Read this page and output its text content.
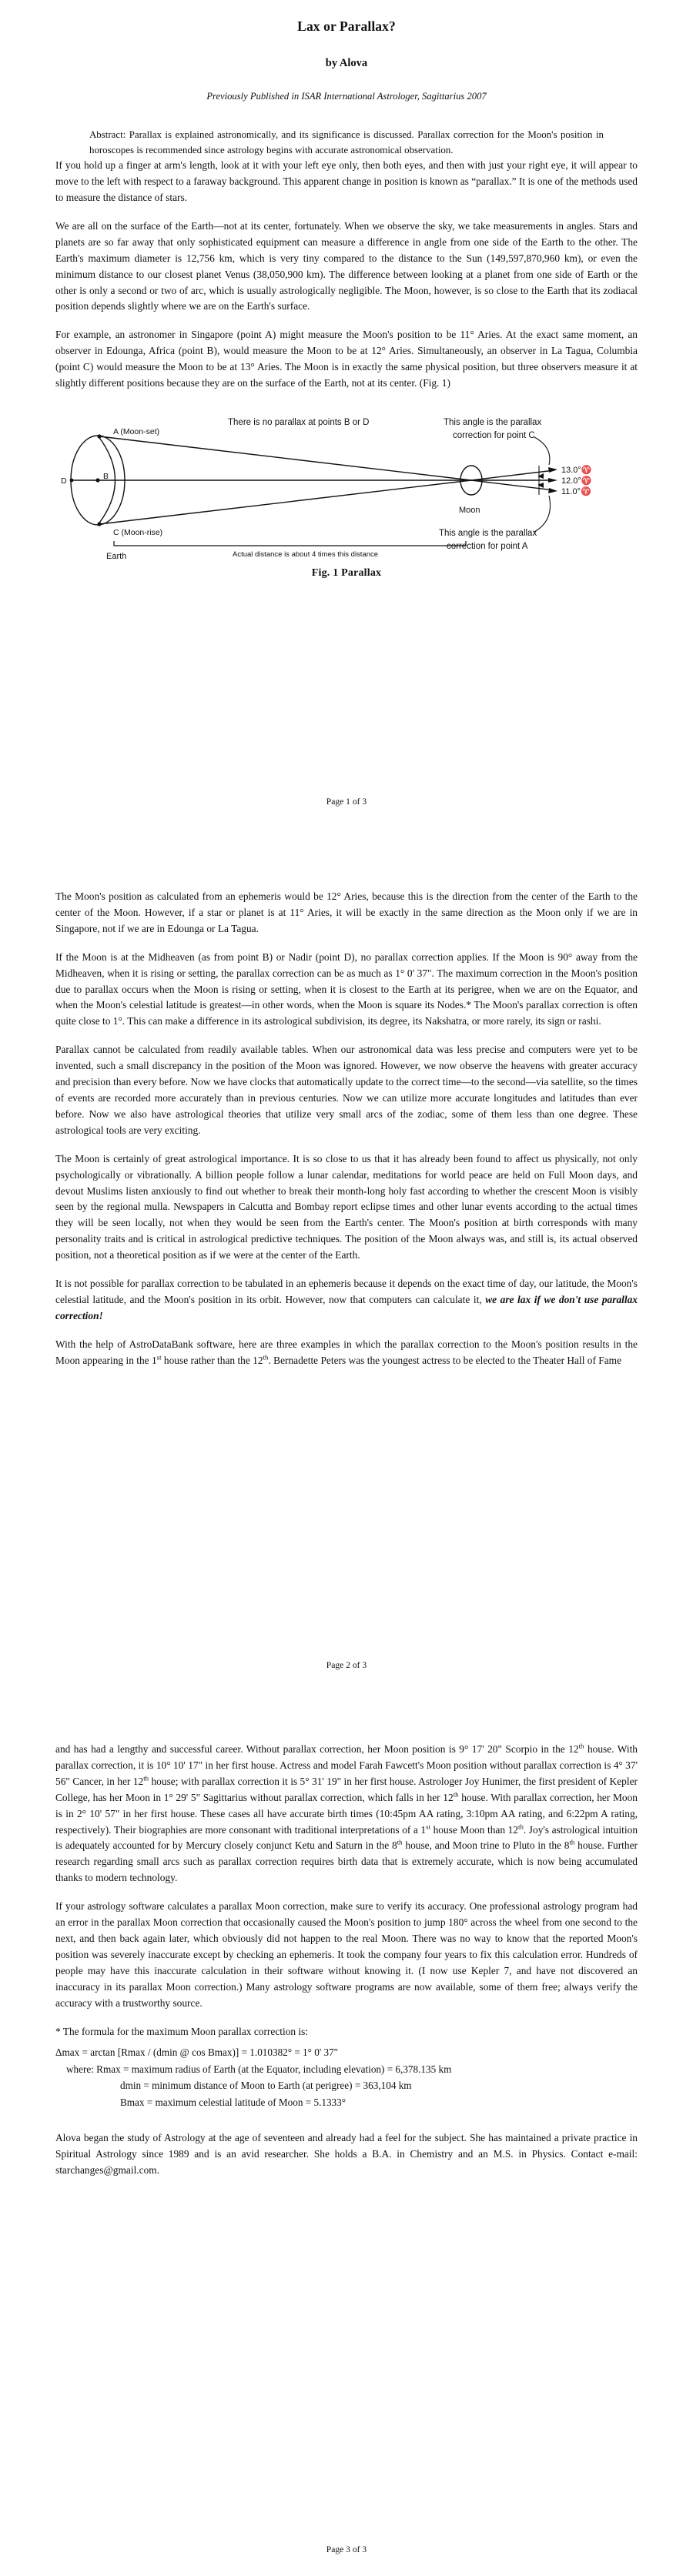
Lax or Parallax?
by Alova
Previously Published in ISAR International Astrologer, Sagittarius 2007

Abstract: Parallax is explained astronomically, and its significance is discussed. Parallax correction for the Moon's position in horoscopes is recommended since astrology begins with accurate astronomical observation.

If you hold up a finger at arm's length, look at it with your left eye only, then both eyes, and then with just your right eye, it will appear to move to the left with respect to a faraway background. This apparent change in position is known as “parallax.” It is one of the methods used to measure the distance of stars.

We are all on the surface of the Earth—not at its center, fortunately. When we observe the sky, we take measurements in angles. Stars and planets are so far away that only sophisticated equipment can measure a difference in angle from one side of the Earth to the other. The Earth's maximum diameter is 12,756 km, which is very tiny compared to the distance to the Sun (149,597,870,960 km), or even the minimum distance to our closest planet Venus (38,050,900 km). The difference between looking at a planet from one side of Earth or the other is only a second or two of arc, which is usually astrologically negligible. The Moon, however, is so close to the Earth that its zodiacal position depends slightly where we are on the Earth's surface.

For example, an astronomer in Singapore (point A) might measure the Moon's position to be 11° Aries. At the exact same moment, an observer in Edounga, Africa (point B), would measure the Moon to be at 12° Aries. Simultaneously, an observer in La Tagua, Columbia (point C) would measure the Moon to be at 13° Aries. The Moon is in exactly the same physical position, but three observers measure it at slightly different positions because they are on the surface of the Earth, not at its center. (Fig. 1)

A (Moon-set)
B
C (Moon-rise)
D
Earth
Moon
There is no parallax at points B or D	This angle is the parallax
correction for point C
This angle is the parallax
correction for point A
13.0°♈
12.0°♈
11.0°♈
Actual distance is about 4 times this distance
Fig. 1 Parallax
Page 1 of 3

The Moon's position as calculated from an ephemeris would be 12° Aries, because this is the direction from the center of the Earth to the center of the Moon. However, if a star or planet is at 11° Aries, it will be exactly in the same direction as the Moon only if we are in Singapore, not if we are in Edounga or La Tagua.

If the Moon is at the Midheaven (as from point B) or Nadir (point D), no parallax correction applies. If the Moon is 90° away from the Midheaven, when it is rising or setting, the parallax correction can be as much as 1° 0' 37". The maximum correction in the Moon's position due to parallax occurs when the Moon is rising or setting, when it is closest to the Earth at its perigree, when we are on the Equator, and when the Moon's celestial latitude is greatest—in other words, when the Moon is square its Nodes.* The Moon's parallax correction is often quite close to 1°. This can make a difference in its astrological subdivision, its degree, its Nakshatra, or more rarely, its sign or rashi.

Parallax cannot be calculated from readily available tables. When our astronomical data was less precise and computers were yet to be invented, such a small discrepancy in the position of the Moon was ignored. However, we now observe the heavens with greater accuracy and precision than every before. Now we have clocks that automatically update to the correct time—to the second—via satellite, so the times of events are recorded more accurately than in previous centuries. Now we can utilize more accurate longitudes and latitudes than ever before. Now we also have astrological theories that utilize very small arcs of the zodiac, some of them less than one degree. These astrological tools are very exciting.

The Moon is certainly of great astrological importance. It is so close to us that it has already been found to affect us physically, not only psychologically or vibrationally. A billion people follow a lunar calendar, meditations for world peace are held on Full Moon days, and devout Muslims listen anxiously to find out whether to break their month-long holy fast according to whether the crescent Moon is visibly seen by the regional mulla. Newspapers in Calcutta and Bombay report eclipse times and other lunar events according to the actual times they will be seen locally, not when they would be seen from the Earth's center. The Moon's position at birth corresponds with many personality traits and is critical in astrological predictive techniques. The position of the Moon always was, and still is, its actual observed position, not a theoretical position as if we were at the center of the Earth.

It is not possible for parallax correction to be tabulated in an ephemeris because it depends on the exact time of day, our latitude, the Moon's celestial latitude, and the Moon's position in its orbit. However, now that computers can calculate it, we are lax if we don't use parallax correction!

With the help of AstroDataBank software, here are three examples in which the parallax correction to the Moon's position results in the Moon appearing in the 1st house rather than the 12th. Bernadette Peters was the youngest actress to be elected to the Theater Hall of Fame

Page 2 of 3

and has had a lengthy and successful career. Without parallax correction, her Moon position is 9° 17' 20" Scorpio in the 12th house. With parallax correction, it is 10° 10' 17" in her first house. Actress and model Farah Fawcett's Moon position without parallax correction is 4° 37' 56" Cancer, in her 12th house; with parallax correction it is 5° 31' 19" in her first house. Astrologer Joy Hunimer, the first president of Kepler College, has her Moon in 1° 29' 5" Sagittarius without parallax correction, which falls in her 12th house. With parallax correction, her Moon is in 2° 10' 57" in her first house. These cases all have accurate birth times (10:45pm AA rating, 3:10pm AA rating, and 6:22pm A rating, respectively). Their biographies are more consonant with traditional interpretations of a 1st house Moon than 12th. Joy's astrological intuition is adequately accounted for by Mercury closely conjunct Ketu and Saturn in the 8th house, and Moon trine to Pluto in the 8th house. Further research regarding small arcs such as parallax correction requires birth data that is extremely accurate, which is now being accumulated thanks to modern technology.

If your astrology software calculates a parallax Moon correction, make sure to verify its accuracy. One professional astrology program had an error in the parallax Moon correction that occasionally caused the Moon's position to jump 180° across the wheel from one second to the next, and then back again later, which obviously did not happen to the real Moon. There was no way to know that the reported Moon's position was severely inaccurate except by checking an ephemeris. It took the company four years to fix this calculation error. Hundreds of people may have this inaccurate calculation in their software without knowing it. (I now use Kepler 7, and have not discovered an inaccuracy in its parallax Moon correction.) Many astrology software programs are now available, some of them free; always verify the accuracy with a trustworthy source.

* The formula for the maximum Moon parallax correction is:

Δmax = arctan [Rmax / (dmin @ cos Bmax)] = 1.010382° = 1° 0' 37"
where: Rmax = maximum radius of Earth (at the Equator, including elevation) = 6,378.135 km
dmin = minimum distance of Moon to Earth (at perigree) = 363,104 km
Bmax = maximum celestial latitude of Moon = 5.1333°

Alova began the study of Astrology at the age of seventeen and already had a feel for the subject. She has maintained a private practice in Spiritual Astrology since 1989 and is an avid researcher. She holds a B.A. in Chemistry and an M.S. in Physics. Contact e-mail: starchanges@gmail.com.

Page 3 of 3
